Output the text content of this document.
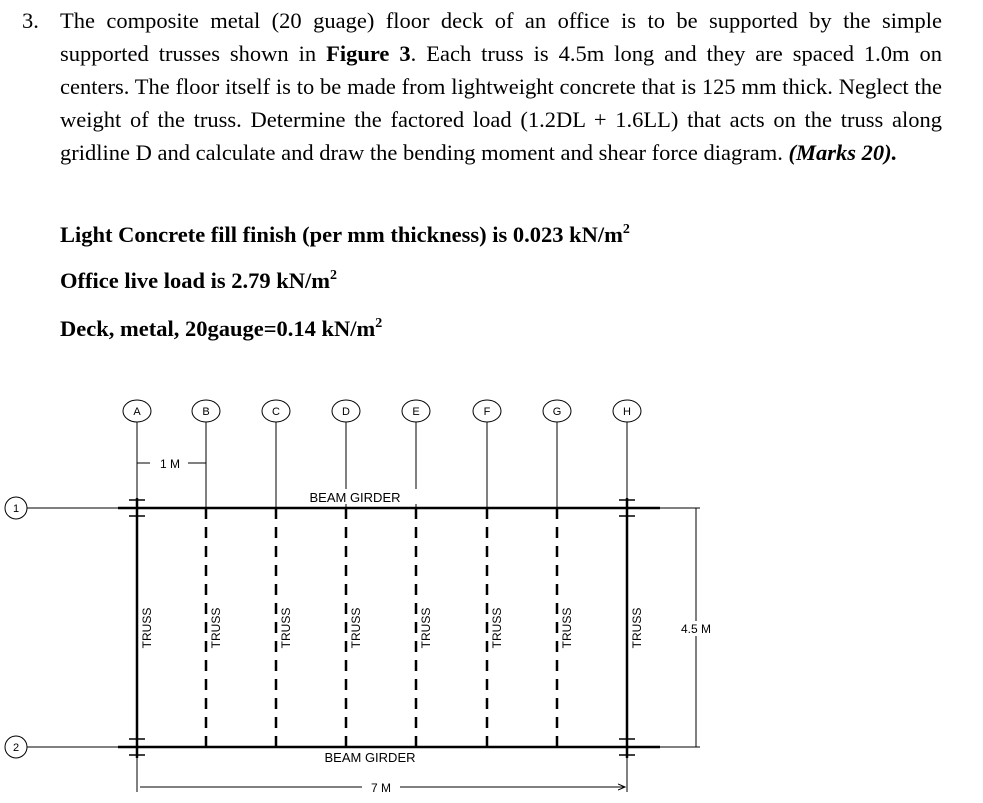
3. The composite metal (20 guage) floor deck of an office is to be supported by the simple supported trusses shown in Figure 3. Each truss is 4.5m long and they are spaced 1.0m on centers. The floor itself is to be made from lightweight concrete that is 125 mm thick. Neglect the weight of the truss. Determine the factored load (1.2DL + 1.6LL) that acts on the truss along gridline D and calculate and draw the bending moment and shear force diagram. (Marks 20).
Light Concrete fill finish (per mm thickness) is 0.023 $kN/m^2$
Office live load is 2.79 $kN/m^2$
Deck, metal, 20gauge=0.14 $kN/m^2$
A	B	C	D	E	F	G	H
1
2
1 M
TRUSS	TRUSS	TRUSS	TRUSS	TRUSS	TRUSS	TRUSS	TRUSS
BEAM GIRDER
BEAM GIRDER
4.5 M
7 M
